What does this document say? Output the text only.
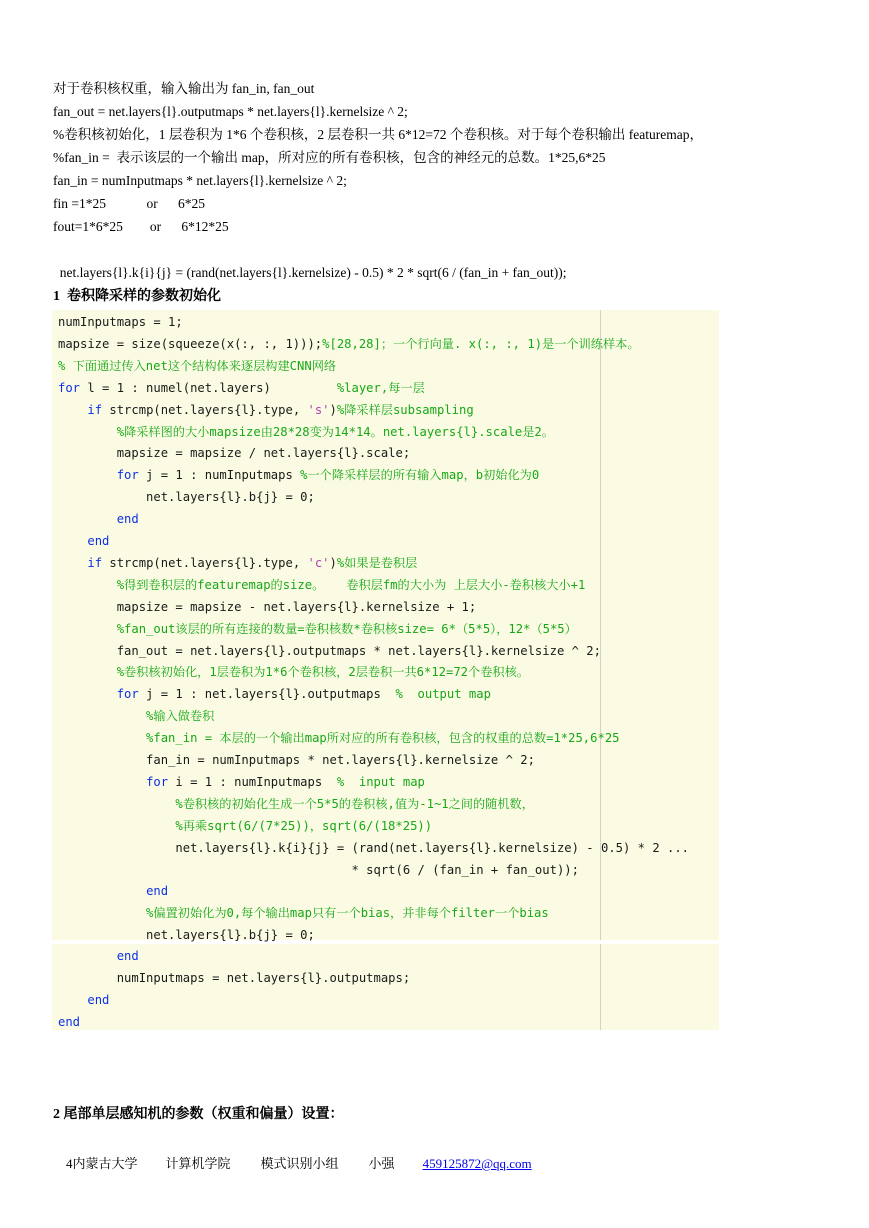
对于卷积核权重，输入输出为 fan_in, fan_out
fan_out = net.layers{l}.outputmaps * net.layers{l}.kernelsize ^ 2;
%卷积核初始化，1 层卷积为 1*6 个卷积核，2 层卷积一共 6*12=72 个卷积核。对于每个卷积输出 featuremap，
%fan_in =  表示该层的一个输出 map，所对应的所有卷积核，包含的神经元的总数。1*25,6*25
fan_in = numInputmaps * net.layers{l}.kernelsize ^ 2;
fin =1*25            or      6*25
fout=1*6*25        or      6*12*25
net.layers{l}.k{i}{j} = (rand(net.layers{l}.kernelsize) - 0.5) * 2 * sqrt(6 / (fan_in + fan_out));
1  卷积降采样的参数初始化
numInputmaps = 1;
mapsize = size(squeeze(x(:, :, 1)));%[28,28]；一个行向量. x(:, :, 1)是一个训练样本。
% 下面通过传入net这个结构体来逐层构建CNN网络
for l = 1 : numel(net.layers)         %layer,每一层
if strcmp(net.layers{l}.type, 's')%降采样层subsampling
%降采样图的大小mapsize由28*28变为14*14。net.layers{l}.scale是2。
mapsize = mapsize / net.layers{l}.scale;
for j = 1 : numInputmaps %一个降采样层的所有输入map，b初始化为0
net.layers{l}.b{j} = 0;
end
end
if strcmp(net.layers{l}.type, 'c')%如果是卷积层
%得到卷积层的featuremap的size。   卷积层fm的大小为 上层大小-卷积核大小+1
mapsize = mapsize - net.layers{l}.kernelsize + 1;
%fan_out该层的所有连接的数量=卷积核数*卷积核size= 6*（5*5），12*（5*5）
fan_out = net.layers{l}.outputmaps * net.layers{l}.kernelsize ^ 2;
%卷积核初始化，1层卷积为1*6个卷积核，2层卷积一共6*12=72个卷积核。
for j = 1 : net.layers{l}.outputmaps  %  output map
%输入做卷积
%fan_in = 本层的一个输出map所对应的所有卷积核，包含的权重的总数=1*25,6*25
fan_in = numInputmaps * net.layers{l}.kernelsize ^ 2;
for i = 1 : numInputmaps  %  input map
%卷积核的初始化生成一个5*5的卷积核,值为-1~1之间的随机数，
%再乘sqrt(6/(7*25))，sqrt(6/(18*25))
net.layers{l}.k{i}{j} = (rand(net.layers{l}.kernelsize) - 0.5) * 2 ...
* sqrt(6 / (fan_in + fan_out));
end
%偏置初始化为0,每个输出map只有一个bias，并非每个filter一个bias
net.layers{l}.b{j} = 0;
end
numInputmaps = net.layers{l}.outputmaps;
end
end
2 尾部单层感知机的参数（权重和偏量）设置：

4内蒙古大学 计算机学院 模式识别小组 小强 459125872@qq.com
